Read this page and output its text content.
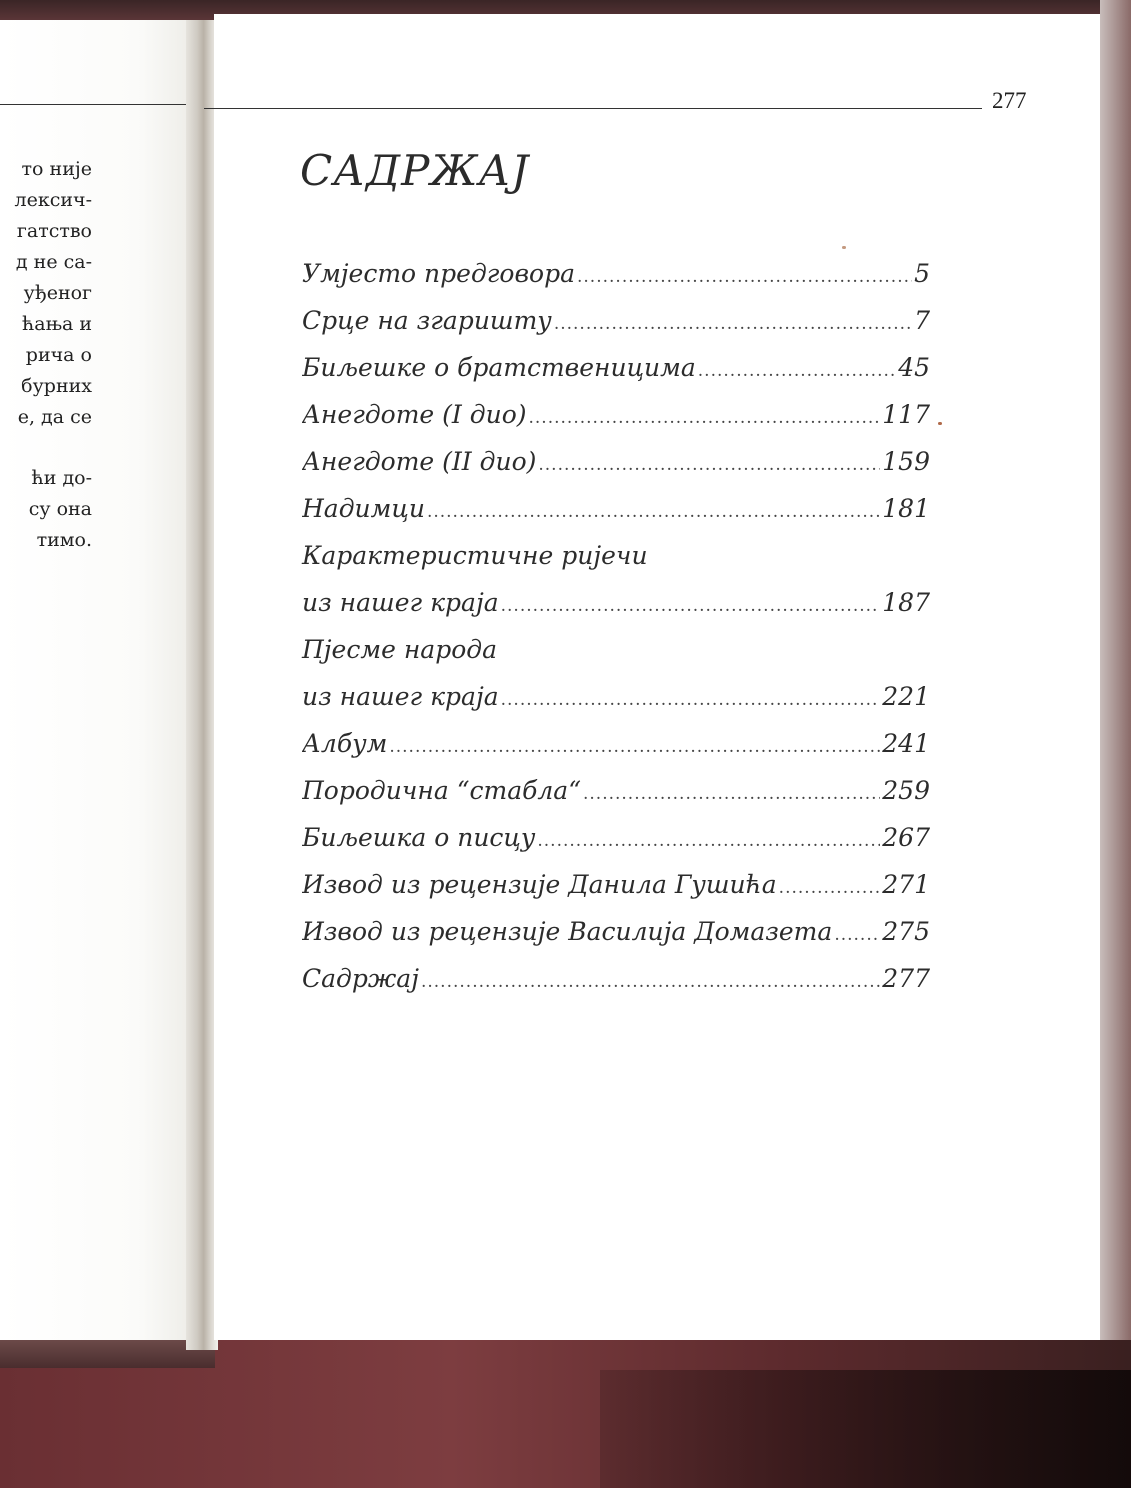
то није
лексич-
гатство
д не са-
уђеног
ћања и
рича о
бурних
е, да се
ћи до-
су она
тимо.
277
САДРЖАЈ
Умјесто предговора .....	5
Срце на згаришту .....	7
Биљешке о братственицима .....	45
Анегдоте (I дио) .....	117
Анегдоте (II дио) .....	159
Надимци .....	181
Карактеристичне ријечи
из нашег краја .....	187
Пјесме народа
из нашег краја .....	221
Албум .....	241
Породична “стабла“ .....	259
Биљешка о писцу .....	267
Извод из рецензије Данила Гушића .....	271
Извод из рецензије Василија Домазета ..... 275
Садржај .....	277
